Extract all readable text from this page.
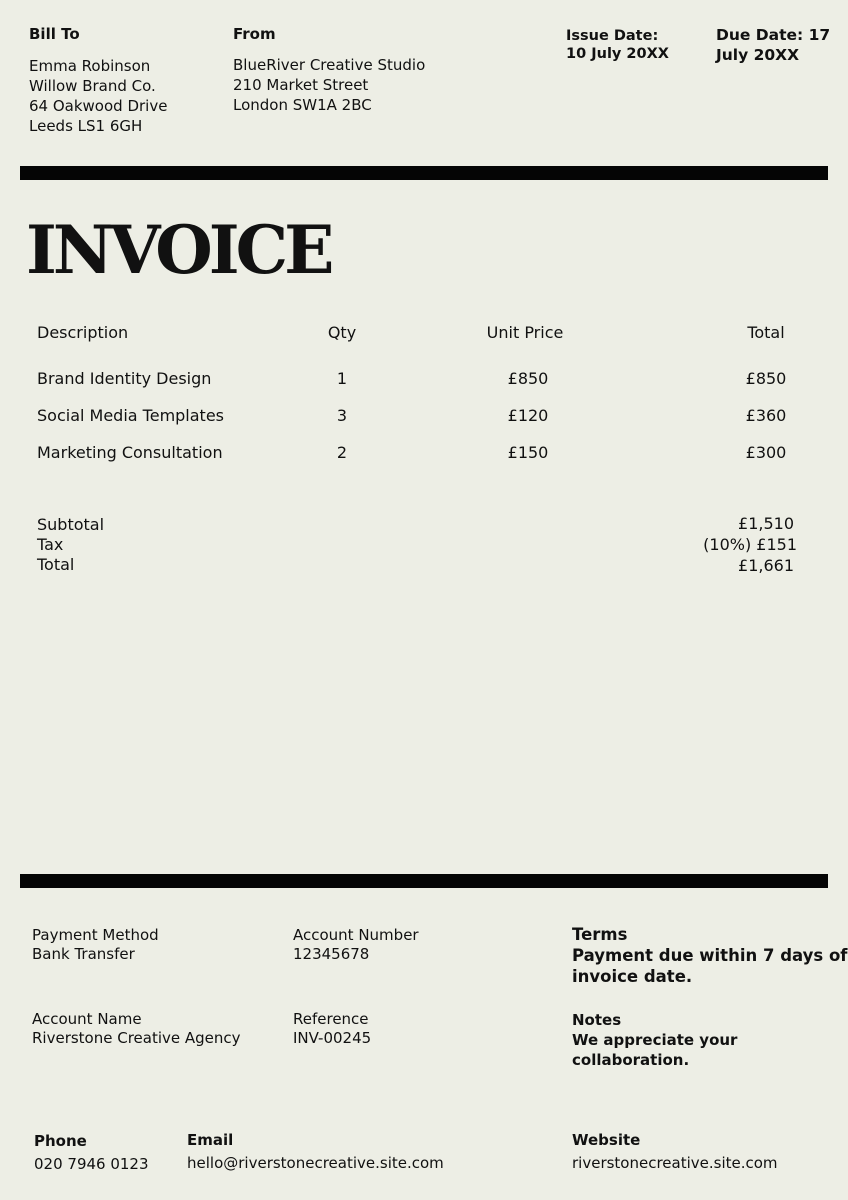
Bill To
Emma Robinson
Willow Brand Co.
64 Oakwood Drive
Leeds LS1 6GH
From
BlueRiver Creative Studio
210 Market Street
London SW1A 2BC
Issue Date:
10 July 20XX
Due Date: 17
July 20XX
INVOICE
Description	Qty	Unit Price	Total
Brand Identity Design	1	£850	£850
Social Media Templates	3	£120	£360
Marketing Consultation	2	£150	£300
Subtotal	£1,510
Tax	(10%) £151
Total	£1,661
Payment Method
Bank Transfer
Account Number
12345678
Account Name
Riverstone Creative Agency
Reference
INV-00245
Terms
Payment due within 7 days of
invoice date.
Notes
We appreciate your
collaboration.
Phone
020 7946 0123
Email
hello@riverstonecreative.site.com
Website
riverstonecreative.site.com
